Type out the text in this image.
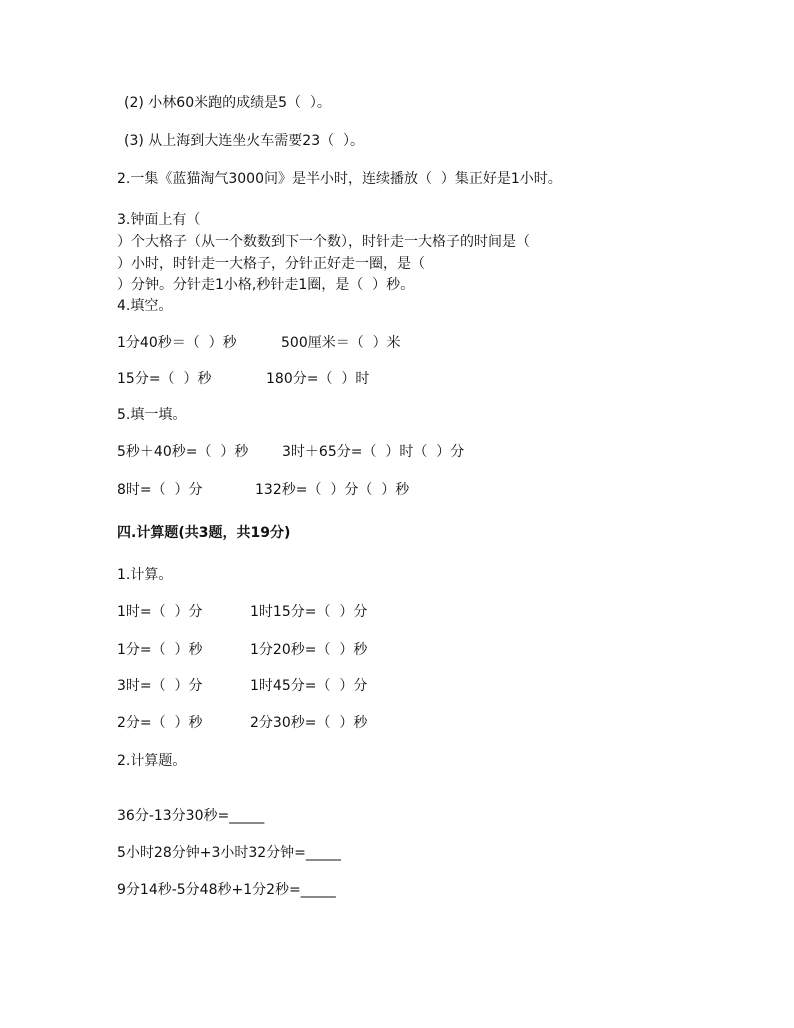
(2) 小林60米跑的成绩是5（  ）。
(3) 从上海到大连坐火车需要23（  ）。
2.一集《蓝猫淘气3000问》是半小时，连续播放（  ）集正好是1小时。
3.钟面上有（
）个大格子（从一个数数到下一个数），时针走一大格子的时间是（
）小时，时针走一大格子，分针正好走一圈，是（
）分钟。分针走1小格,秒针走1圈，是（  ）秒。
4.填空。
1分40秒＝（  ）秒	500厘米＝（  ）米
15分=（  ）秒	180分=（  ）时
5.填一填。
5秒＋40秒=（  ）秒 3时＋65分=（  ）时（  ）分
8时=（  ）分	132秒=（  ）分（  ）秒
四.计算题(共3题，共19分)
1.计算。
1时=（  ）分	1时15分=（  ）分
1分=（  ）秒	1分20秒=（  ）秒
3时=（  ）分	1时45分=（  ）分
2分=（  ）秒	2分30秒=（  ）秒
2.计算题。
36分-13分30秒=_____
5小时28分钟+3小时32分钟=_____
9分14秒-5分48秒+1分2秒=_____
